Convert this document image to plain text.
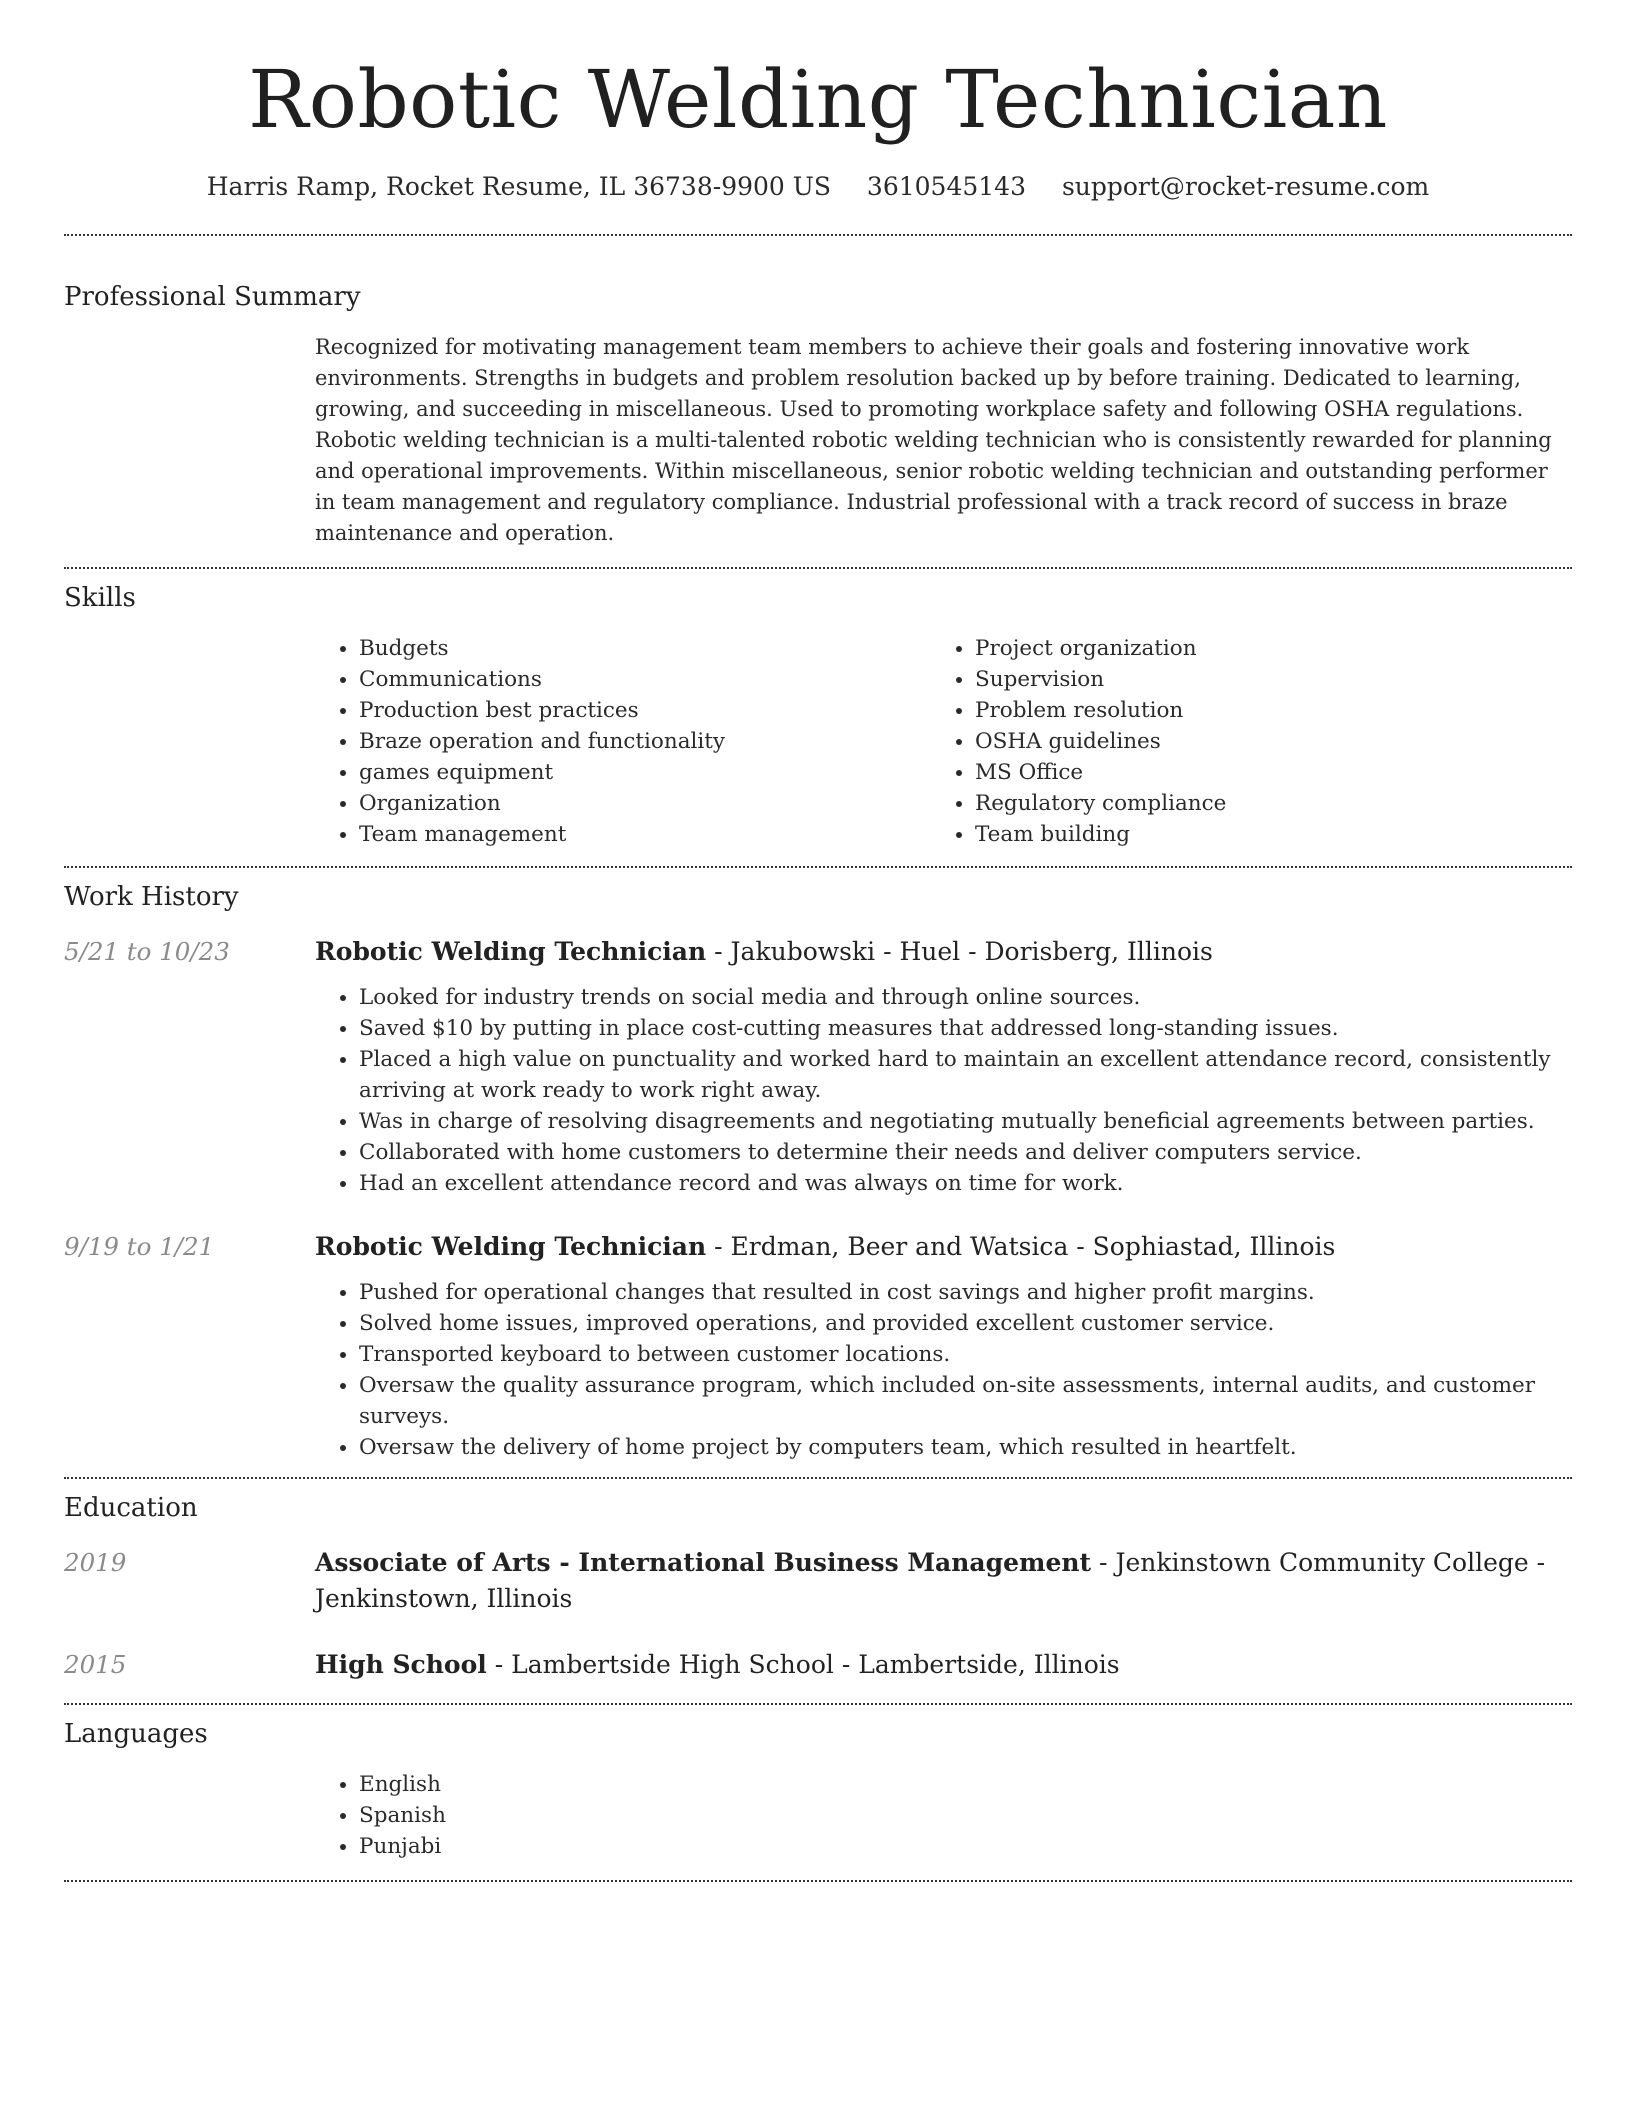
Robotic Welding Technician
Harris Ramp, Rocket Resume, IL 36738-9900 US 3610545143 support@rocket-resume.com
Professional Summary

Recognized for motivating management team members to achieve their goals and fostering innovative work environments. Strengths in budgets and problem resolution backed up by before training. Dedicated to learning, growing, and succeeding in miscellaneous. Used to promoting workplace safety and following OSHA regulations. Robotic welding technician is a multi-talented robotic welding technician who is consistently rewarded for planning and operational improvements. Within miscellaneous, senior robotic welding technician and outstanding performer in team management and regulatory compliance. Industrial professional with a track record of success in braze maintenance and operation.

Skills
• Budgets
• Communications
• Production best practices
• Braze operation and functionality
• games equipment
• Organization
• Team management
• Project organization
• Supervision
• Problem resolution
• OSHA guidelines
• MS Office
• Regulatory compliance
• Team building
Work History
5/21 to 10/23	Robotic Welding Technician - Jakubowski - Huel - Dorisberg, Illinois
• Looked for industry trends on social media and through online sources.
• Saved $10 by putting in place cost-cutting measures that addressed long-standing issues.
• Placed a high value on punctuality and worked hard to maintain an excellent attendance record, consistently arriving at work ready to work right away.
• Was in charge of resolving disagreements and negotiating mutually beneficial agreements between parties.
• Collaborated with home customers to determine their needs and deliver computers service.
• Had an excellent attendance record and was always on time for work.
9/19 to 1/21	Robotic Welding Technician - Erdman, Beer and Watsica - Sophiastad, Illinois
• Pushed for operational changes that resulted in cost savings and higher profit margins.
• Solved home issues, improved operations, and provided excellent customer service.
• Transported keyboard to between customer locations.
• Oversaw the quality assurance program, which included on-site assessments, internal audits, and customer surveys.
• Oversaw the delivery of home project by computers team, which resulted in heartfelt.
Education
2019	Associate of Arts - International Business Management - Jenkinstown Community College - Jenkinstown, Illinois
2015	High School - Lambertside High School - Lambertside, Illinois
Languages
• English
• Spanish
• Punjabi
